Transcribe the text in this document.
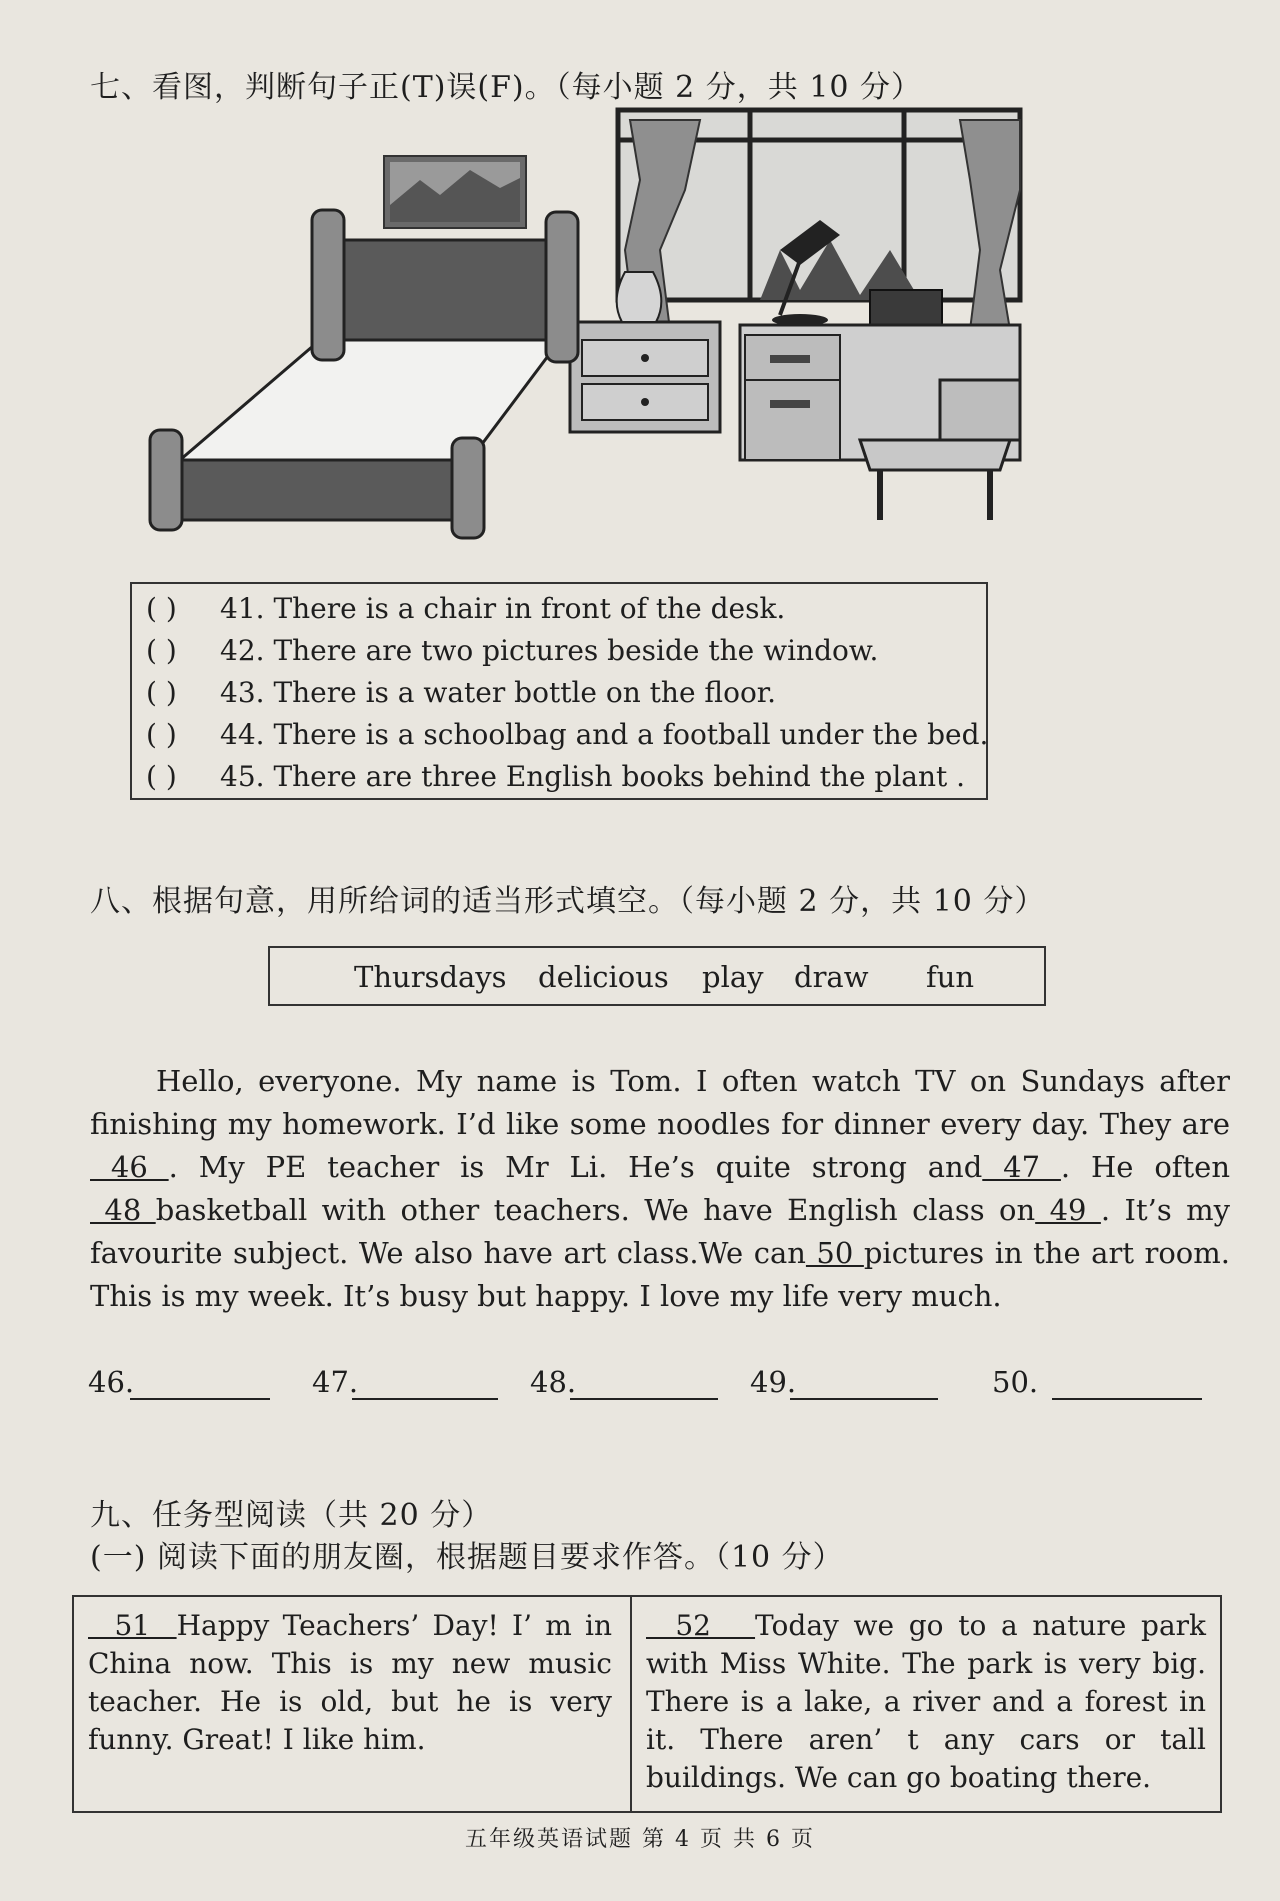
七、看图，判断句子正(T)误(F)。（每小题 2 分，共 10 分）
( ) 41. There is a chair in front of the desk.
( ) 42. There are two pictures beside the window.
( ) 43. There is a water bottle on the floor.
( ) 44. There is a schoolbag and a football under the bed.
( ) 45. There are three English books behind the plant .
八、根据句意，用所给词的适当形式填空。（每小题 2 分，共 10 分）
Thursdays delicious play draw fun

Hello, everyone. My name is Tom. I often watch TV on Sundays after finishing my homework. I’d like some noodles for dinner every day. They are 46 . My PE teacher is Mr Li. He’s quite strong and 47 . He often 48 basketball with other teachers. We have English class on 49 . It’s my favourite subject. We also have art class.We can 50 pictures in the art room. This is my week. It’s busy but happy. I love my life very much.

46.	47.	48.	49.	50.
九、任务型阅读（共 20 分）
(一) 阅读下面的朋友圈，根据题目要求作答。（10 分）
51  Happy Teachers’ Day! I’ m in China now. This is my new music teacher. He is old, but he is very funny. Great! I like him.
52   Today we go to a nature park with Miss White. The park is very big. There is a lake, a river and a forest in it. There aren’ t any cars or tall buildings. We can go boating there.
五年级英语试题 第 4 页 共 6 页
